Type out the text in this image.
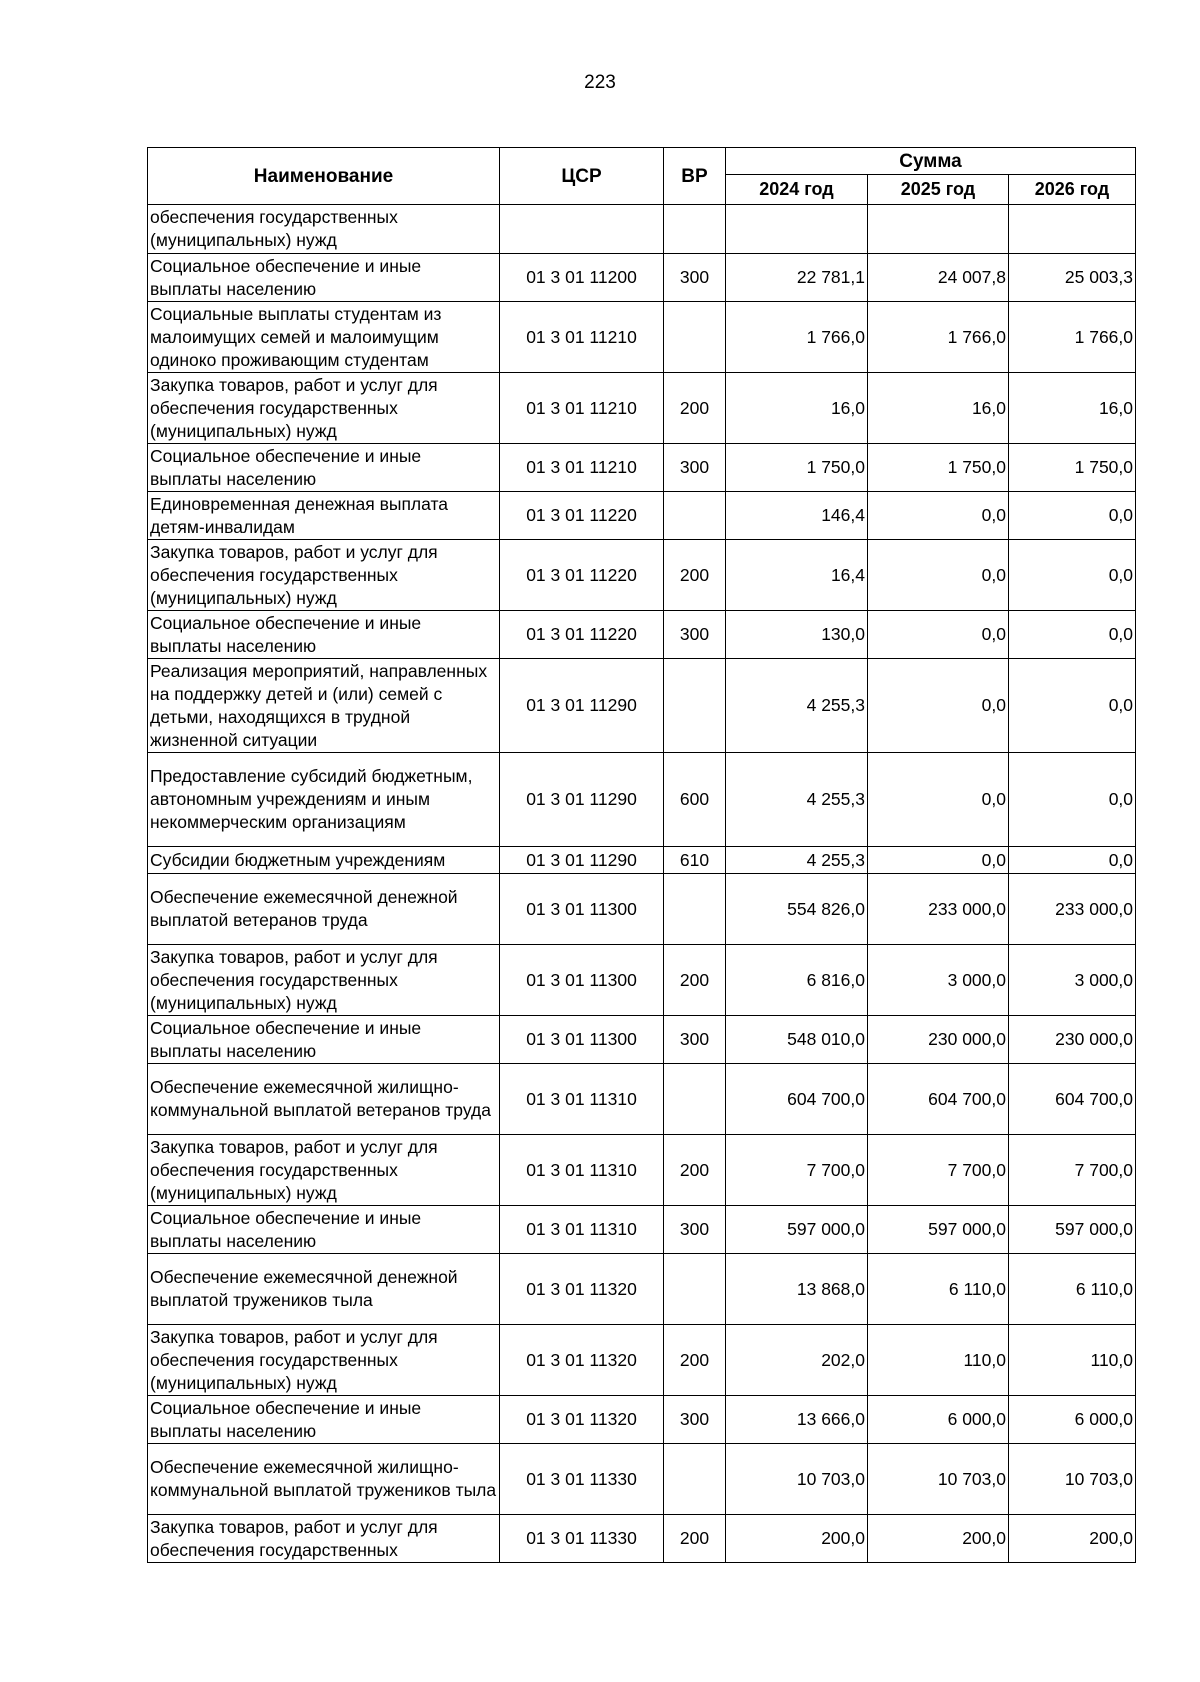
223
Наименование	ЦСР	ВР	Сумма		
			2024 год	2025 год	2026 год
обеспечения государственных (муниципальных) нужд					
Социальное обеспечение и иные выплаты населению	01 3 01 11200	300	22 781,1	24 007,8	25 003,3
Социальные выплаты студентам из малоимущих семей и малоимущим одиноко проживающим студентам	01 3 01 11210		1 766,0	1 766,0	1 766,0
Закупка товаров, работ и услуг для обеспечения государственных (муниципальных) нужд	01 3 01 11210	200	16,0	16,0	16,0
Социальное обеспечение и иные выплаты населению	01 3 01 11210	300	1 750,0	1 750,0	1 750,0
Единовременная денежная выплата детям-инвалидам	01 3 01 11220		146,4	0,0	0,0
Закупка товаров, работ и услуг для обеспечения государственных (муниципальных) нужд	01 3 01 11220	200	16,4	0,0	0,0
Социальное обеспечение и иные выплаты населению	01 3 01 11220	300	130,0	0,0	0,0
Реализация мероприятий, направленных на поддержку детей и (или) семей с детьми, находящихся в трудной жизненной ситуации	01 3 01 11290		4 255,3	0,0	0,0
Предоставление субсидий бюджетным, автономным учреждениям и иным некоммерческим организациям	01 3 01 11290	600	4 255,3	0,0	0,0
Субсидии бюджетным учреждениям	01 3 01 11290	610	4 255,3	0,0	0,0
Обеспечение ежемесячной денежной выплатой ветеранов труда	01 3 01 11300		554 826,0	233 000,0	233 000,0
Закупка товаров, работ и услуг для обеспечения государственных (муниципальных) нужд	01 3 01 11300	200	6 816,0	3 000,0	3 000,0
Социальное обеспечение и иные выплаты населению	01 3 01 11300	300	548 010,0	230 000,0	230 000,0
Обеспечение ежемесячной жилищно-коммунальной выплатой ветеранов труда	01 3 01 11310		604 700,0	604 700,0	604 700,0
Закупка товаров, работ и услуг для обеспечения государственных (муниципальных) нужд	01 3 01 11310	200	7 700,0	7 700,0	7 700,0
Социальное обеспечение и иные выплаты населению	01 3 01 11310	300	597 000,0	597 000,0	597 000,0
Обеспечение ежемесячной денежной выплатой тружеников тыла	01 3 01 11320		13 868,0	6 110,0	6 110,0
Закупка товаров, работ и услуг для обеспечения государственных (муниципальных) нужд	01 3 01 11320	200	202,0	110,0	110,0
Социальное обеспечение и иные выплаты населению	01 3 01 11320	300	13 666,0	6 000,0	6 000,0
Обеспечение ежемесячной жилищно-коммунальной выплатой тружеников тыла	01 3 01 11330		10 703,0	10 703,0	10 703,0
Закупка товаров, работ и услуг для обеспечения государственных	01 3 01 11330	200	200,0	200,0	200,0
